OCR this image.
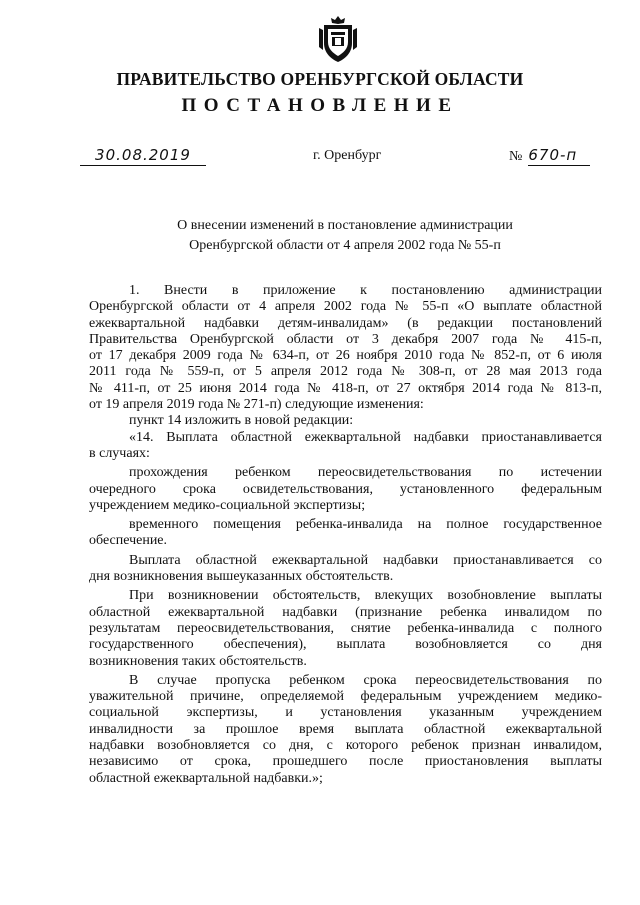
ПРАВИТЕЛЬСТВО ОРЕНБУРГСКОЙ ОБЛАСТИ
ПОСТАНОВЛЕНИЕ
30.08.2019	г. Оренбург	№ 670-п
О внесении изменений в постановление администрации
Оренбургской области от 4 апреля 2002 года № 55-п
1. Внести в приложение к постановлению администрации
Оренбургской области от 4 апреля 2002 года № 55-п «О выплате областной
ежеквартальной надбавки детям-инвалидам» (в редакции постановлений
Правительства Оренбургской области от 3 декабря 2007 года № 415-п,
от 17 декабря 2009 года № 634-п, от 26 ноября 2010 года № 852-п, от 6 июля
2011 года № 559-п, от 5 апреля 2012 года № 308-п, от 28 мая 2013 года
№ 411-п, от 25 июня 2014 года № 418-п, от 27 октября 2014 года № 813-п,
от 19 апреля 2019 года № 271-п) следующие изменения:
пункт 14 изложить в новой редакции:
«14. Выплата областной ежеквартальной надбавки приостанавливается
в случаях:
прохождения ребенком переосвидетельствования по истечении
очередного срока освидетельствования, установленного федеральным
учреждением медико-социальной экспертизы;
временного помещения ребенка-инвалида на полное государственное
обеспечение.
Выплата областной ежеквартальной надбавки приостанавливается со
дня возникновения вышеуказанных обстоятельств.
При возникновении обстоятельств, влекущих возобновление выплаты
областной ежеквартальной надбавки (признание ребенка инвалидом по
результатам переосвидетельствования, снятие ребенка-инвалида с полного
государственного обеспечения), выплата возобновляется со дня
возникновения таких обстоятельств.
В случае пропуска ребенком срока переосвидетельствования по
уважительной причине, определяемой федеральным учреждением медико-
социальной экспертизы, и установления указанным учреждением
инвалидности за прошлое время выплата областной ежеквартальной
надбавки возобновляется со дня, с которого ребенок признан инвалидом,
независимо от срока, прошедшего после приостановления выплаты
областной ежеквартальной надбавки.»;
